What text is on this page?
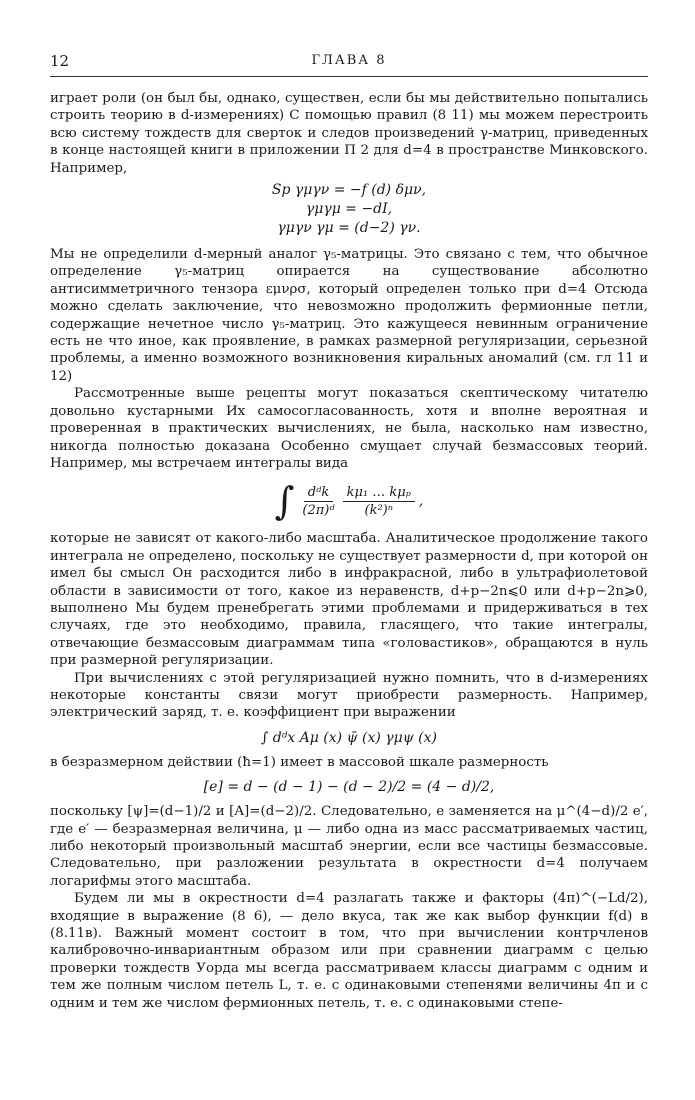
12	ГЛАВА 8

играет роли (он был бы, однако, существен, если бы мы действительно попытались строить теорию в d-измерениях) С помощью правил (8 11) мы можем перестроить всю систему тождеств для сверток и следов произведений γ-матриц, приведенных в конце настоящей книги в приложении П 2 для d=4 в пространстве Минковского. Например,

Sp γμγν = −f (d) δμν,
γμγμ = −dI,
γμγν γμ = (d−2) γν.

Мы не определили d-мерный аналог γ₅-матрицы. Это связано с тем, что обычное определение γ₅-матриц опирается на существование абсолютно антисимметричного тензора εμνρσ, который определен только при d=4 Отсюда можно сделать заключение, что невозможно продолжить фермионные петли, содержащие нечетное число γ₅-матриц. Это кажущееся невинным ограничение есть не что иное, как проявление, в рамках размерной регуляризации, серьезной проблемы, а именно возможного возникновения киральных аномалий (см. гл 11 и 12)

Рассмотренные выше рецепты могут показаться скептическому читателю довольно кустарными Их самосогласованность, хотя и вполне вероятная и проверенная в практических вычислениях, не была, насколько нам известно, никогда полностью доказана Особенно смущает случай безмассовых теорий. Например, мы встречаем интегралы вида

∫ $\frac{\text{dᵈk}}{\text{(2π)ᵈ}} \frac{\text{kμ₁ … kμₚ}}{\text{(k²)ⁿ}}$ ,

которые не зависят от какого-либо масштаба. Аналитическое продолжение такого интеграла не определено, поскольку не существует размерности d, при которой он имел бы смысл Он расходится либо в инфракрасной, либо в ультрафиолетовой области в зависимости от того, какое из неравенств, d+p−2n⩽0 или d+p−2n⩾0, выполнено Мы будем пренебрегать этими проблемами и придерживаться в тех случаях, где это необходимо, правила, гласящего, что такие интегралы, отвечающие безмассовым диаграммам типа «головастиков», обращаются в нуль при размерной регуляризации.

При вычислениях с этой регуляризацией нужно помнить, что в d-измерениях некоторые константы связи могут приобрести размерность. Например, электрический заряд, т. е. коэффициент при выражении

∫ dᵈx Aμ (x) ψ̄ (x) γμψ (x)

в безразмерном действии (ħ=1) имеет в массовой шкале размерность

[e] = d − (d − 1) − (d − 2)/2 = (4 − d)/2,

поскольку [ψ]=(d−1)/2 и [A]=(d−2)/2. Следовательно, e заменяется на μ^(4−d)/2 e′, где e′ — безразмерная величина, μ — либо одна из масс рассматриваемых частиц, либо некоторый произвольный масштаб энергии, если все частицы безмассовые. Следовательно, при разложении результата в окрестности d=4 получаем логарифмы этого масштаба.

Будем ли мы в окрестности d=4 разлагать также и факторы (4π)^(−Ld/2), входящие в выражение (8 6), — дело вкуса, так же как выбор функции f(d) в (8.11в). Важный момент состоит в том, что при вычислении контрчленов калибровочно-инвариантным образом или при сравнении диаграмм с целью проверки тождеств Уорда мы всегда рассматриваем классы диаграмм с одним и тем же полным числом петель L, т. е. с одинаковыми степенями величины 4π и с одним и тем же числом фермионных петель, т. е. с одинаковыми степе-
